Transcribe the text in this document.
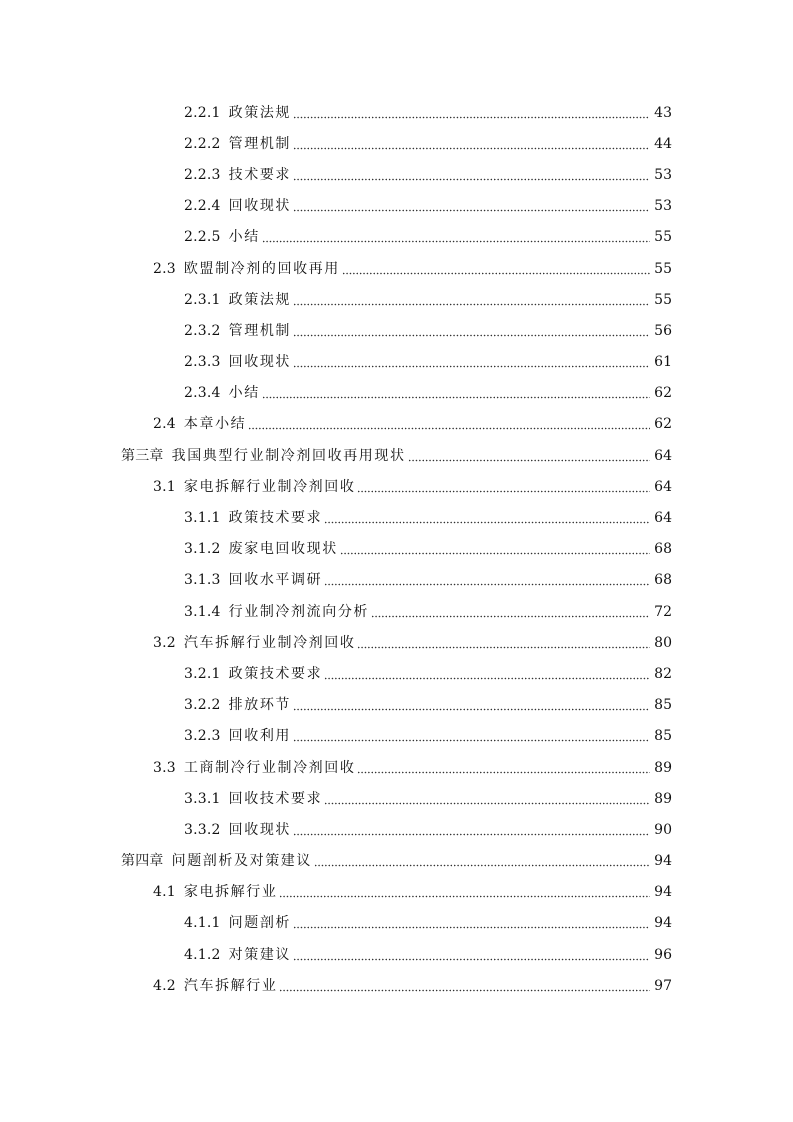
2.2.1 政策法规	43
2.2.2 管理机制	44
2.2.3 技术要求	53
2.2.4 回收现状	53
2.2.5 小结	55
2.3 欧盟制冷剂的回收再用	55
2.3.1 政策法规	55
2.3.2 管理机制	56
2.3.3 回收现状	61
2.3.4 小结	62
2.4 本章小结	62
第三章 我国典型行业制冷剂回收再用现状	64
3.1 家电拆解行业制冷剂回收	64
3.1.1 政策技术要求	64
3.1.2 废家电回收现状	68
3.1.3 回收水平调研	68
3.1.4 行业制冷剂流向分析	72
3.2 汽车拆解行业制冷剂回收	80
3.2.1 政策技术要求	82
3.2.2 排放环节	85
3.2.3 回收利用	85
3.3 工商制冷行业制冷剂回收	89
3.3.1 回收技术要求	89
3.3.2 回收现状	90
第四章 问题剖析及对策建议	94
4.1 家电拆解行业	94
4.1.1 问题剖析	94
4.1.2 对策建议	96
4.2 汽车拆解行业	97
